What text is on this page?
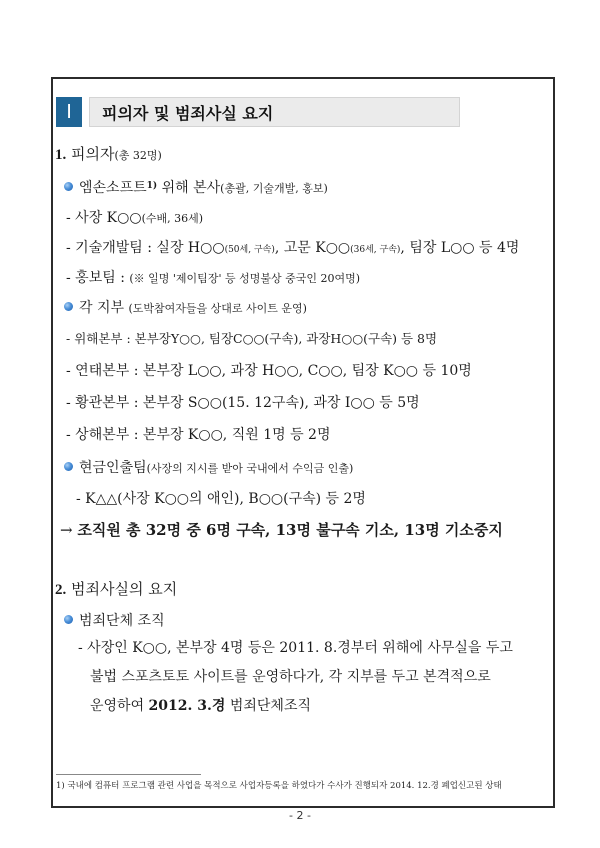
Ⅰ	피의자 및 범죄사실 요지
1. 피의자(총 32명)
엠손소프트$^{1)}$ 위해 본사(총괄, 기술개발, 홍보)
- 사장 K○○(수배, 36세)
- 기술개발팀 : 실장 H○○(50세, 구속), 고문 K○○(36세, 구속), 팀장 L○○ 등 4명
- 홍보팀 : (※ 일명 '제이팀장' 등 성명불상 중국인 20여명)
각 지부 (도박참여자들을 상대로 사이트 운영)
- 위해본부 : 본부장Y○○, 팀장C○○(구속), 과장H○○(구속) 등 8명
- 연태본부 : 본부장 L○○, 과장 H○○, C○○, 팀장 K○○ 등 10명
- 황관본부 : 본부장 S○○(15. 12구속), 과장 I○○ 등 5명
- 상해본부 : 본부장 K○○, 직원 1명 등 2명
현금인출팀(사장의 지시를 받아 국내에서 수익금 인출)
- K△△(사장 K○○의 애인), B○○(구속) 등 2명
→ 조직원 총 32명 중 6명 구속, 13명 불구속 기소, 13명 기소중지
2. 범죄사실의 요지
범죄단체 조직
- 사장인 K○○, 본부장 4명 등은 2011. 8.경부터 위해에 사무실을 두고
불법 스포츠토토 사이트를 운영하다가, 각 지부를 두고 본격적으로
운영하여 2012. 3.경 범죄단체조직
1) 국내에 컴퓨터 프로그램 관련 사업을 목적으로 사업자등록을 하였다가 수사가 진행되자 2014. 12.경 폐업신고된 상태
- 2 -
